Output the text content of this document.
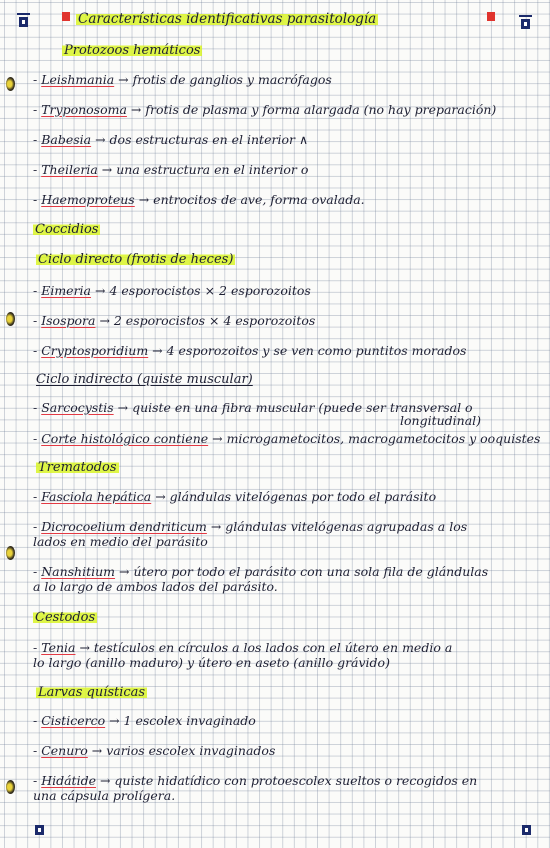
Características identificativas parasitología
Protozoos hemáticos
- Leishmania → frotis de ganglios y macrófagos
- Tryponosoma → frotis de plasma y forma alargada (no hay preparación)
- Babesia → dos estructuras en el interior ∧
- Theileria → una estructura en el interior o
- Haemoproteus → entrocitos de ave, forma ovalada.
Coccidios
Ciclo directo (frotis de heces)
- Eimeria → 4 esporocistos × 2 esporozoitos
- Isospora → 2 esporocistos × 4 esporozoitos
- Cryptosporidium → 4 esporozoitos y se ven como puntitos morados
Ciclo indirecto (quiste muscular)
- Sarcocystis → quiste en una fibra muscular (puede ser transversal o
longitudinal)
- Corte histológico contiene → microgametocitos, macrogametocitos y ooquistes
Trematodos
- Fasciola hepática → glándulas vitelógenas por todo el parásito
- Dicrocoelium dendriticum → glándulas vitelógenas agrupadas a los
lados en medio del parásito
- Nanshitium → útero por todo el parásito con una sola fila de glándulas
a lo largo de ambos lados del parásito.
Cestodos
- Tenia → testículos en círculos a los lados con el útero en medio a
lo largo (anillo maduro) y útero en aseto (anillo grávido)
Larvas quísticas
- Cisticerco → 1 escolex invaginado
- Cenuro → varios escolex invaginados
- Hidátide → quiste hidatídico con protoescolex sueltos o recogidos en
una cápsula prolígera.
